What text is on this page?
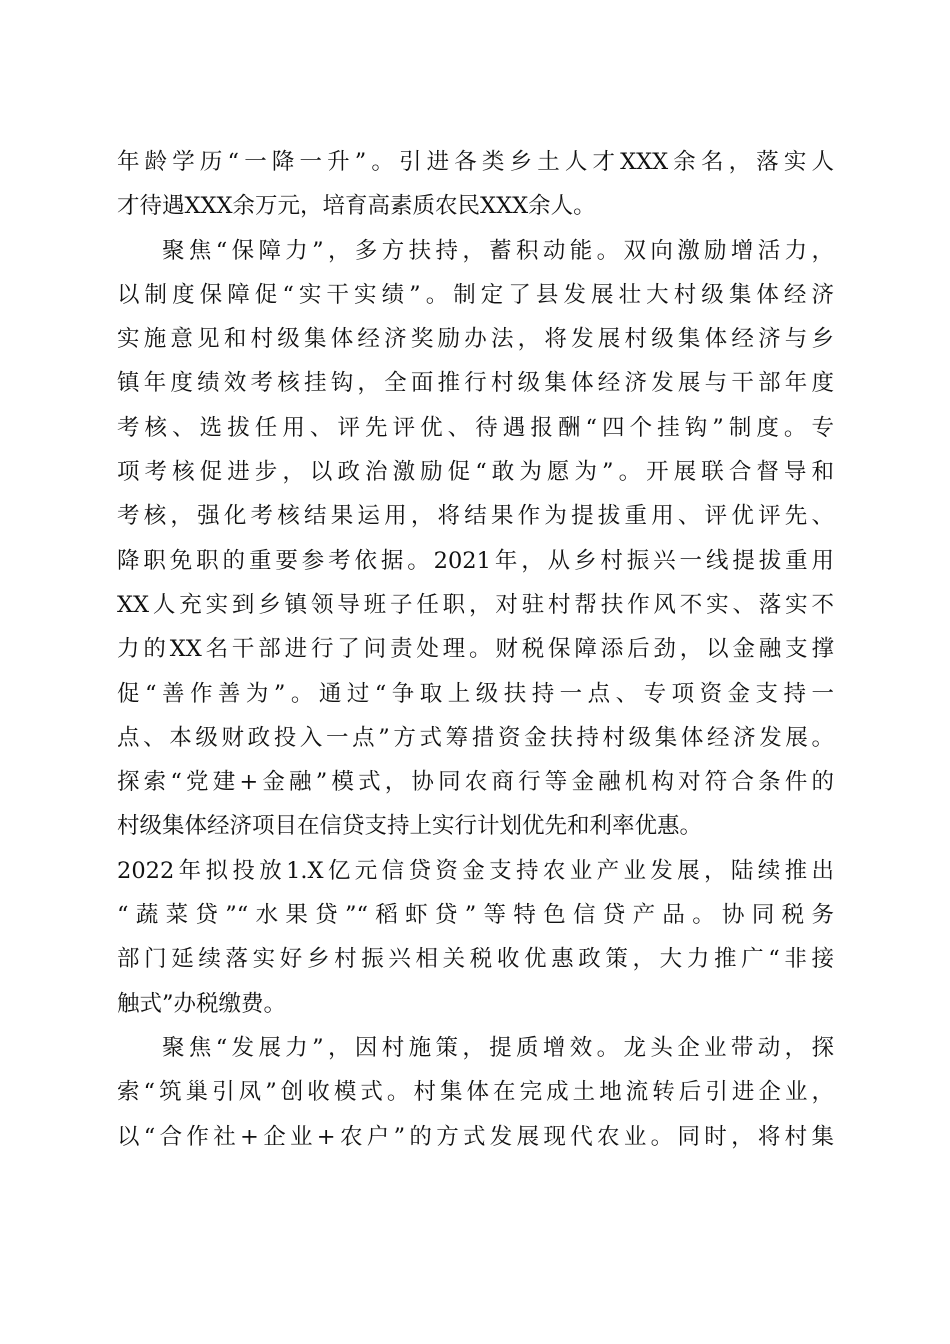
年龄学历“一降一升”。引进各类乡土人才XXX余名，落实人
才待遇XXX余万元，培育高素质农民XXX余人。

聚焦“保障力”，多方扶持，蓄积动能。双向激励增活力，
以制度保障促“实干实绩”。制定了县发展壮大村级集体经济
实施意见和村级集体经济奖励办法，将发展村级集体经济与乡
镇年度绩效考核挂钩，全面推行村级集体经济发展与干部年度
考核、选拔任用、评先评优、待遇报酬“四个挂钩”制度。专
项考核促进步，以政治激励促“敢为愿为”。开展联合督导和
考核，强化考核结果运用，将结果作为提拔重用、评优评先、
降职免职的重要参考依据。2021年，从乡村振兴一线提拔重用
XX人充实到乡镇领导班子任职，对驻村帮扶作风不实、落实不
力的XX名干部进行了问责处理。财税保障添后劲，以金融支撑
促“善作善为”。通过“争取上级扶持一点、专项资金支持一
点、本级财政投入一点”方式筹措资金扶持村级集体经济发展。
探索“党建+金融”模式，协同农商行等金融机构对符合条件的
村级集体经济项目在信贷支持上实行计划优先和利率优惠。
2022年拟投放1.X亿元信贷资金支持农业产业发展，陆续推出
“蔬菜贷”“水果贷”“稻虾贷”等特色信贷产品。协同税务
部门延续落实好乡村振兴相关税收优惠政策，大力推广“非接
触式”办税缴费。

聚焦“发展力”，因村施策，提质增效。龙头企业带动，探
索“筑巢引凤”创收模式。村集体在完成土地流转后引进企业，
以“合作社+企业+农户”的方式发展现代农业。同时，将村集
